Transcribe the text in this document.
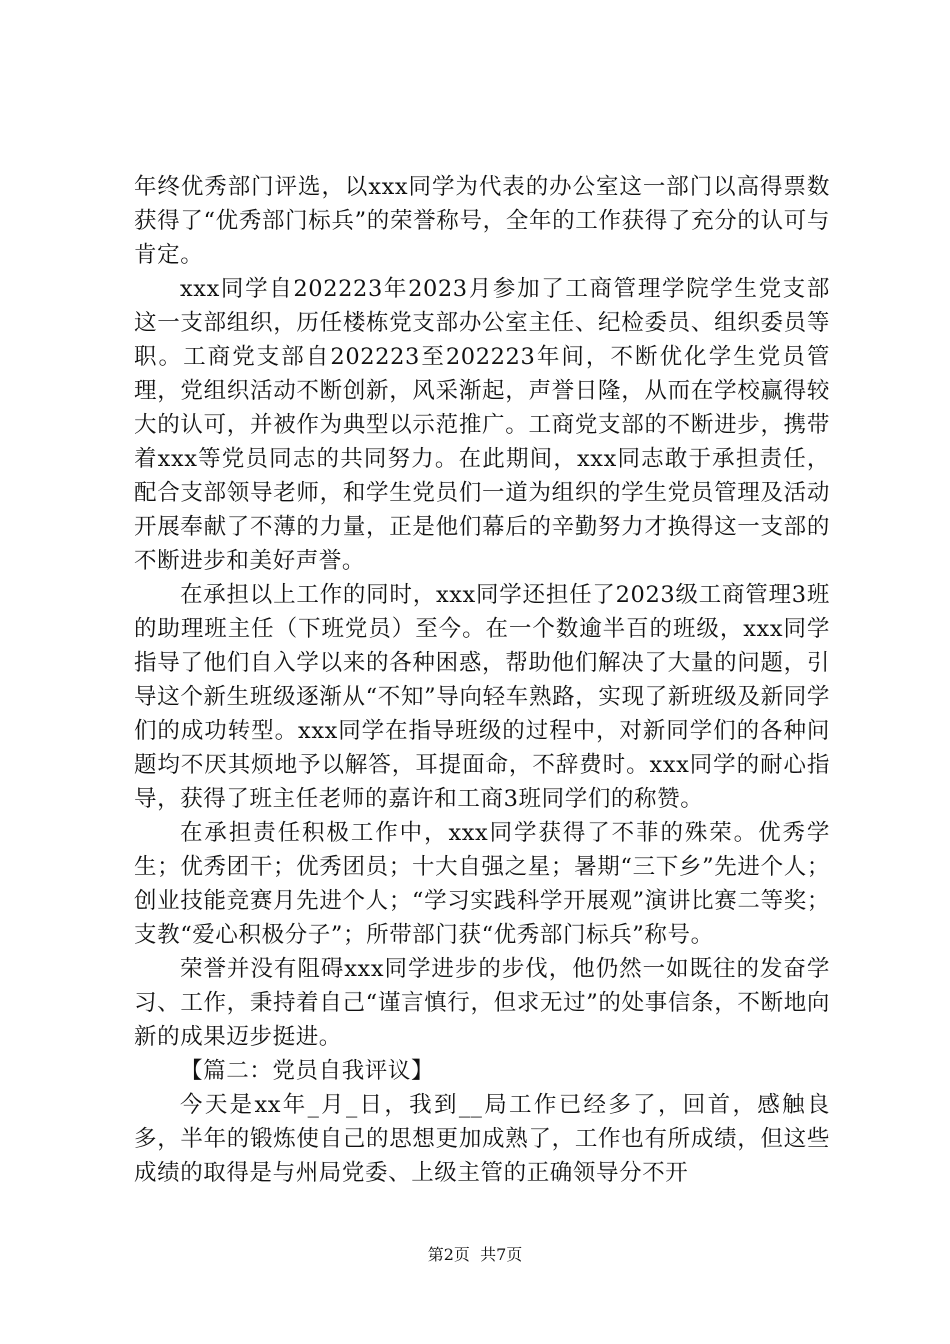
年终优秀部门评选，以xxx同学为代表的办公室这一部门以高得票数获得了“优秀部门标兵”的荣誉称号，全年的工作获得了充分的认可与肯定。

xxx同学自202223年2023月参加了工商管理学院学生党支部这一支部组织，历任楼栋党支部办公室主任、纪检委员、组织委员等职。工商党支部自202223至202223年间，不断优化学生党员管理，党组织活动不断创新，风采渐起，声誉日隆，从而在学校赢得较大的认可，并被作为典型以示范推广。工商党支部的不断进步，携带着xxx等党员同志的共同努力。在此期间，xxx同志敢于承担责任，配合支部领导老师，和学生党员们一道为组织的学生党员管理及活动开展奉献了不薄的力量，正是他们幕后的辛勤努力才换得这一支部的不断进步和美好声誉。

在承担以上工作的同时，xxx同学还担任了2023级工商管理3班的助理班主任（下班党员）至今。在一个数逾半百的班级，xxx同学指导了他们自入学以来的各种困惑，帮助他们解决了大量的问题，引导这个新生班级逐渐从“不知”导向轻车熟路，实现了新班级及新同学们的成功转型。xxx同学在指导班级的过程中，对新同学们的各种问题均不厌其烦地予以解答，耳提面命，不辞费时。xxx同学的耐心指导，获得了班主任老师的嘉许和工商3班同学们的称赞。

在承担责任积极工作中，xxx同学获得了不菲的殊荣。优秀学生；优秀团干；优秀团员；十大自强之星；暑期“三下乡”先进个人；创业技能竞赛月先进个人；“学习实践科学开展观”演讲比赛二等奖；支教“爱心积极分子”；所带部门获“优秀部门标兵”称号。

荣誉并没有阻碍xxx同学进步的步伐，他仍然一如既往的发奋学习、工作，秉持着自己“谨言慎行，但求无过”的处事信条，不断地向新的成果迈步挺进。

【篇二：党员自我评议】

今天是xx年_月_日，我到__局工作已经多了，回首，感触良多，半年的锻炼使自己的思想更加成熟了，工作也有所成绩，但这些成绩的取得是与州局党委、上级主管的正确领导分不开

第2页  共7页
